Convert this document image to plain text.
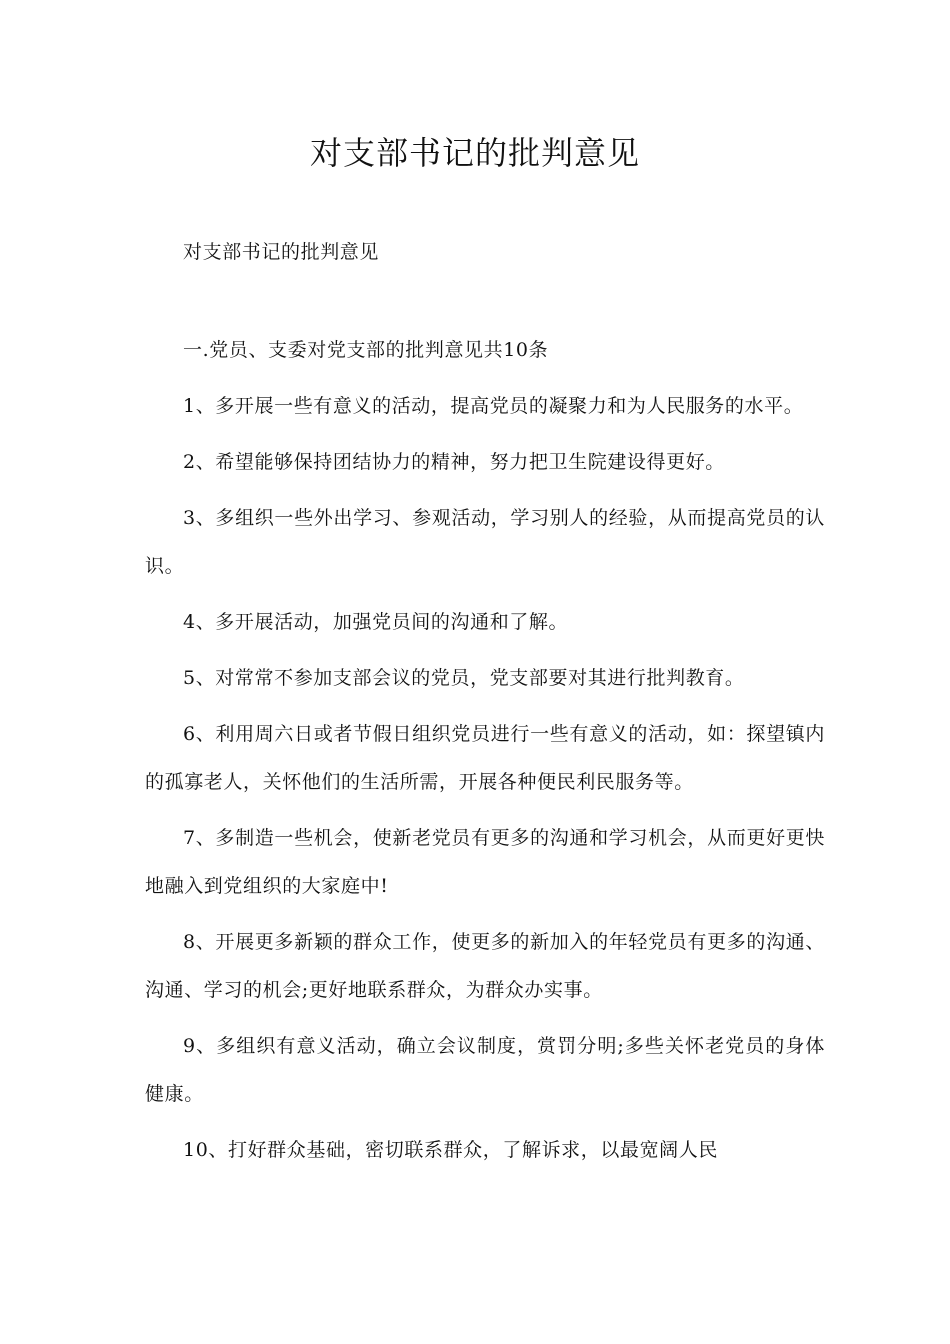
对支部书记的批判意见

对支部书记的批判意见

一.党员、支委对党支部的批判意见共10条

1、多开展一些有意义的活动，提高党员的凝聚力和为人民服务的水平。

2、希望能够保持团结协力的精神，努力把卫生院建设得更好。

3、多组织一些外出学习、参观活动，学习别人的经验，从而提高党员的认识。

4、多开展活动，加强党员间的沟通和了解。

5、对常常不参加支部会议的党员，党支部要对其进行批判教育。

6、利用周六日或者节假日组织党员进行一些有意义的活动，如：探望镇内的孤寡老人，关怀他们的生活所需，开展各种便民利民服务等。

7、多制造一些机会，使新老党员有更多的沟通和学习机会，从而更好更快地融入到党组织的大家庭中!

8、开展更多新颖的群众工作，使更多的新加入的年轻党员有更多的沟通、沟通、学习的机会;更好地联系群众，为群众办实事。

9、多组织有意义活动，确立会议制度，赏罚分明;多些关怀老党员的身体健康。

10、打好群众基础，密切联系群众，了解诉求，以最宽阔人民
